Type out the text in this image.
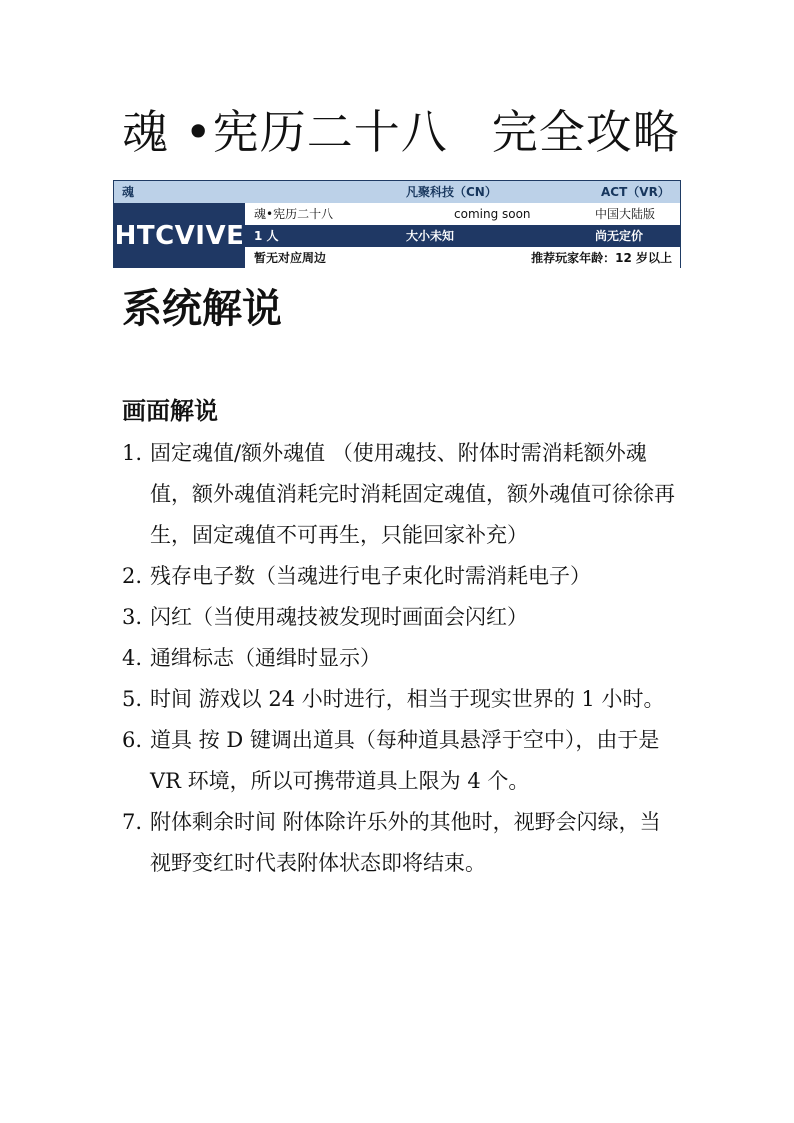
魂 •宪历二十八 完全攻略
魂	凡聚科技（CN）	ACT（VR）
魂•宪历二十八	coming soon	中国大陆版
1 人	大小未知	尚无定价
暂无对应周边	推荐玩家年龄：12 岁以上
HTCVIVE
系统解说
画面解说
1. 固定魂值/额外魂值 （使用魂技、附体时需消耗额外魂值，额外魂值消耗完时消耗固定魂值，额外魂值可徐徐再生，固定魂值不可再生，只能回家补充）
2. 残存电子数（当魂进行电子束化时需消耗电子）
3. 闪红（当使用魂技被发现时画面会闪红）
4. 通缉标志（通缉时显示）
5. 时间 游戏以 24 小时进行，相当于现实世界的 1 小时。
6. 道具 按 D 键调出道具（每种道具悬浮于空中），由于是 VR 环境，所以可携带道具上限为 4 个。
7. 附体剩余时间 附体除许乐外的其他时，视野会闪绿，当视野变红时代表附体状态即将结束。
